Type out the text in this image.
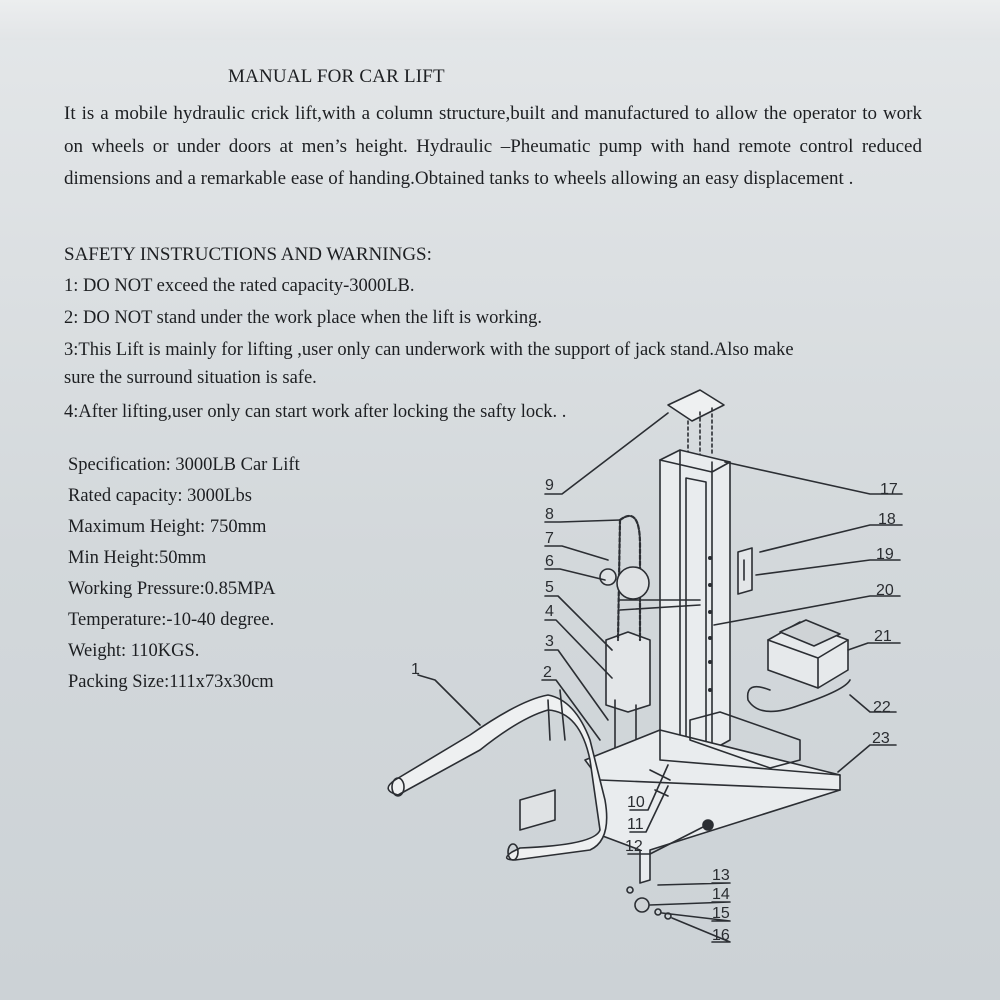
MANUAL FOR CAR LIFT
It is a mobile hydraulic crick lift,with a column structure,built and manufactured to allow the operator to work on wheels or under doors at men’s height. Hydraulic –Pheumatic pump with hand remote control reduced dimensions and a remarkable ease of handing.Obtained tanks to wheels allowing an easy displacement .
SAFETY INSTRUCTIONS AND WARNINGS:
1: DO NOT exceed the rated capacity-3000LB.
2: DO NOT stand under the work place when the lift is working.
3:This Lift is mainly for lifting ,user only can underwork with the support of jack stand.Also make
sure the surround situation is safe.
4:After lifting,user only can start work after locking the safty lock. .
Specification: 3000LB Car Lift
Rated capacity: 3000Lbs
Maximum Height: 750mm
Min Height:50mm
Working Pressure:0.85MPA
Temperature:-10-40 degree.
Weight: 110KGS.
Packing Size:111x73x30cm
1	2
3
4
5
6
7
8
9
10
11
12
13
14
15
16
17
18
19
20
21
22
23
